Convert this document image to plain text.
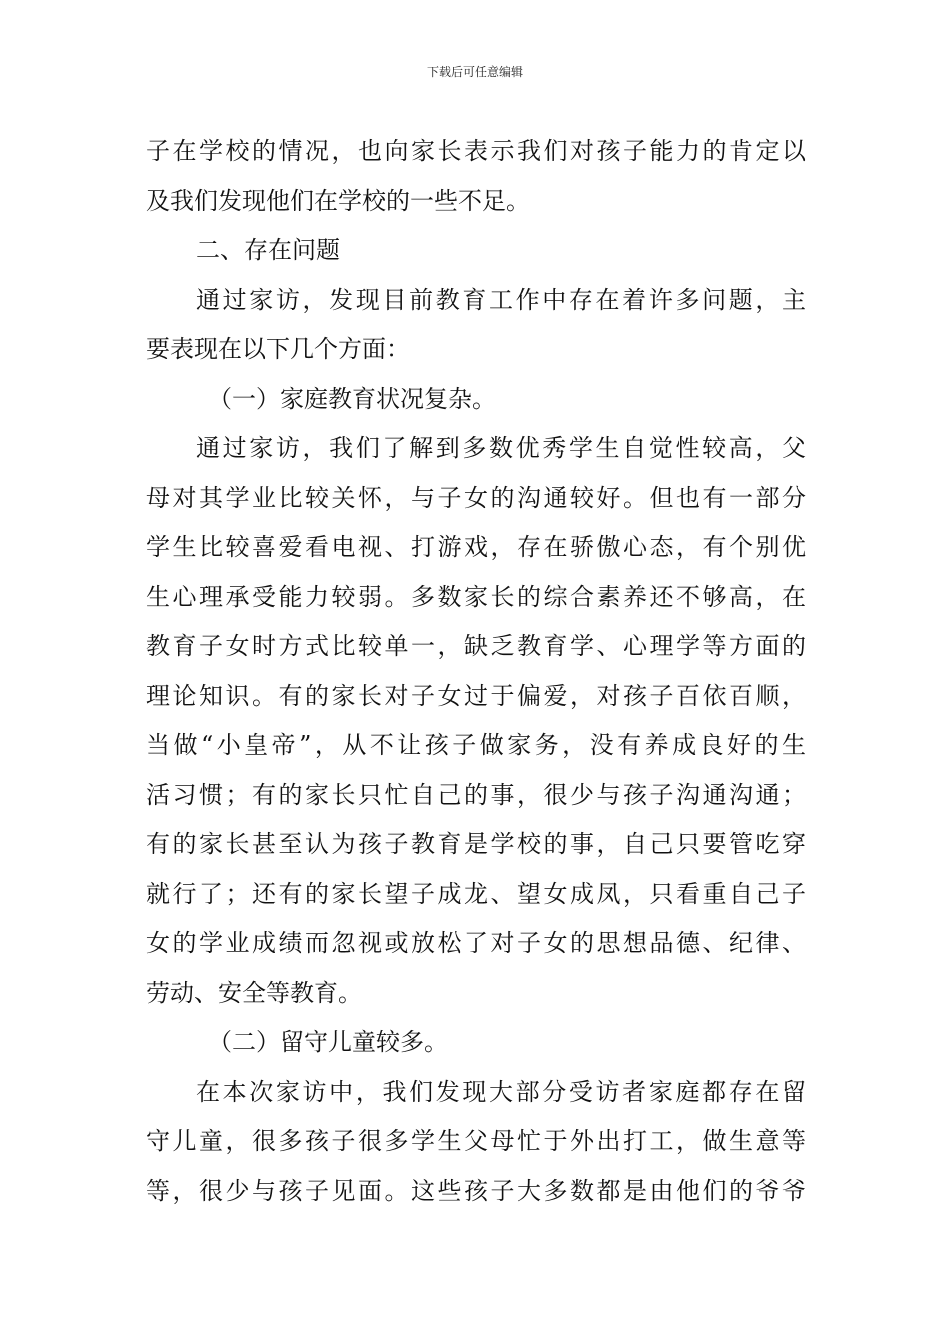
下载后可任意编辑
子在学校的情况，也向家长表示我们对孩子能力的肯定以
及我们发现他们在学校的一些不足。
二、存在问题
通过家访，发现目前教育工作中存在着许多问题，主
要表现在以下几个方面：
（一）家庭教育状况复杂。
通过家访，我们了解到多数优秀学生自觉性较高，父
母对其学业比较关怀，与子女的沟通较好。但也有一部分
学生比较喜爱看电视、打游戏，存在骄傲心态，有个别优
生心理承受能力较弱。多数家长的综合素养还不够高，在
教育子女时方式比较单一，缺乏教育学、心理学等方面的
理论知识。有的家长对子女过于偏爱，对孩子百依百顺，
当做“小皇帝”，从不让孩子做家务，没有养成良好的生
活习惯；有的家长只忙自己的事，很少与孩子沟通沟通；
有的家长甚至认为孩子教育是学校的事，自己只要管吃穿
就行了；还有的家长望子成龙、望女成凤，只看重自己子
女的学业成绩而忽视或放松了对子女的思想品德、纪律、
劳动、安全等教育。
（二）留守儿童较多。
在本次家访中，我们发现大部分受访者家庭都存在留
守儿童，很多孩子很多学生父母忙于外出打工，做生意等
等，很少与孩子见面。这些孩子大多数都是由他们的爷爷
